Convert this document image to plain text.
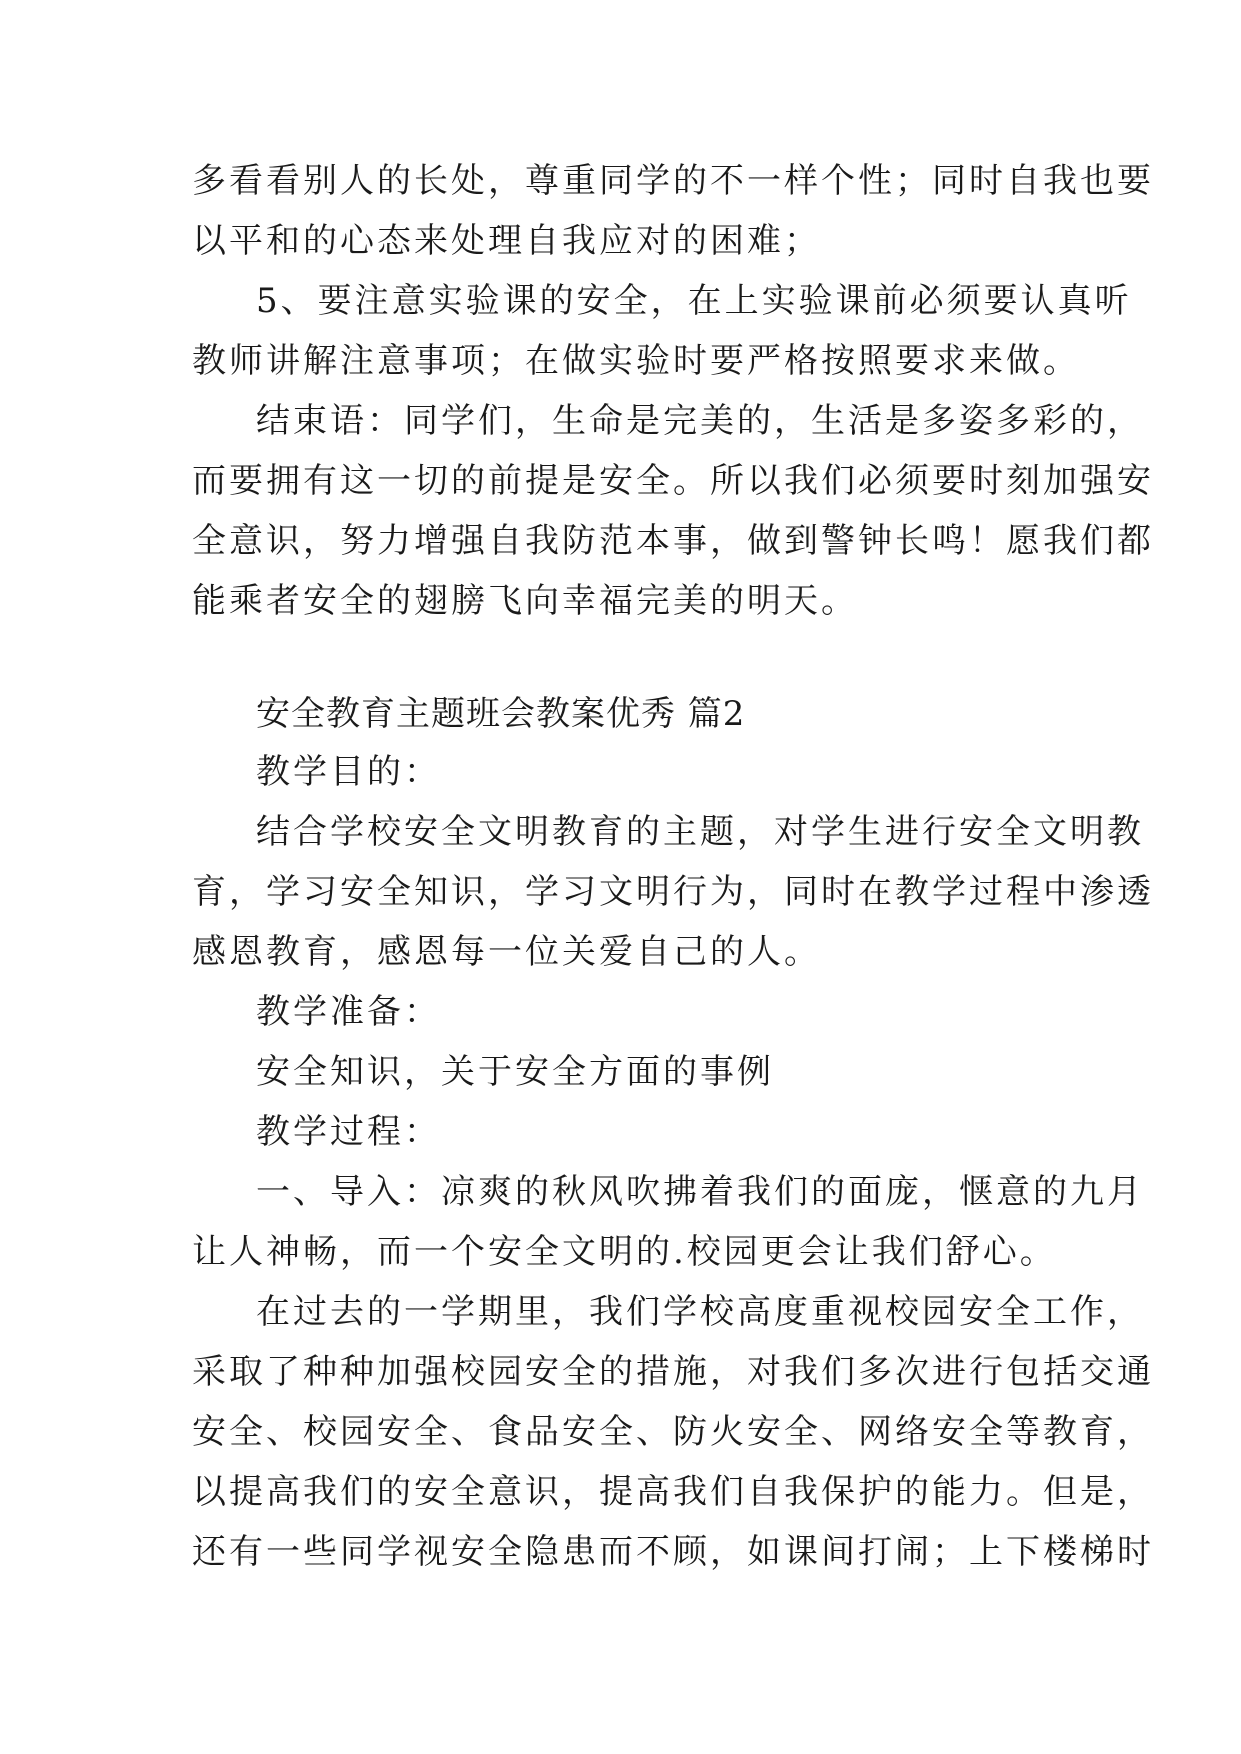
多看看别人的长处，尊重同学的不一样个性；同时自我也要

以平和的心态来处理自我应对的困难；

5、要注意实验课的安全，在上实验课前必须要认真听

教师讲解注意事项；在做实验时要严格按照要求来做。

结束语：同学们，生命是完美的，生活是多姿多彩的，

而要拥有这一切的前提是安全。所以我们必须要时刻加强安

全意识，努力增强自我防范本事，做到警钟长鸣！愿我们都

能乘者安全的翅膀飞向幸福完美的明天。

安全教育主题班会教案优秀 篇2

教学目的：

结合学校安全文明教育的主题，对学生进行安全文明教

育，学习安全知识，学习文明行为，同时在教学过程中渗透

感恩教育，感恩每一位关爱自己的人。

教学准备：

安全知识，关于安全方面的事例

教学过程：

一、导入：凉爽的秋风吹拂着我们的面庞，惬意的九月

让人神畅，而一个安全文明的.校园更会让我们舒心。

在过去的一学期里，我们学校高度重视校园安全工作，

采取了种种加强校园安全的措施，对我们多次进行包括交通

安全、校园安全、食品安全、防火安全、网络安全等教育，

以提高我们的安全意识，提高我们自我保护的能力。但是，

还有一些同学视安全隐患而不顾，如课间打闹；上下楼梯时
